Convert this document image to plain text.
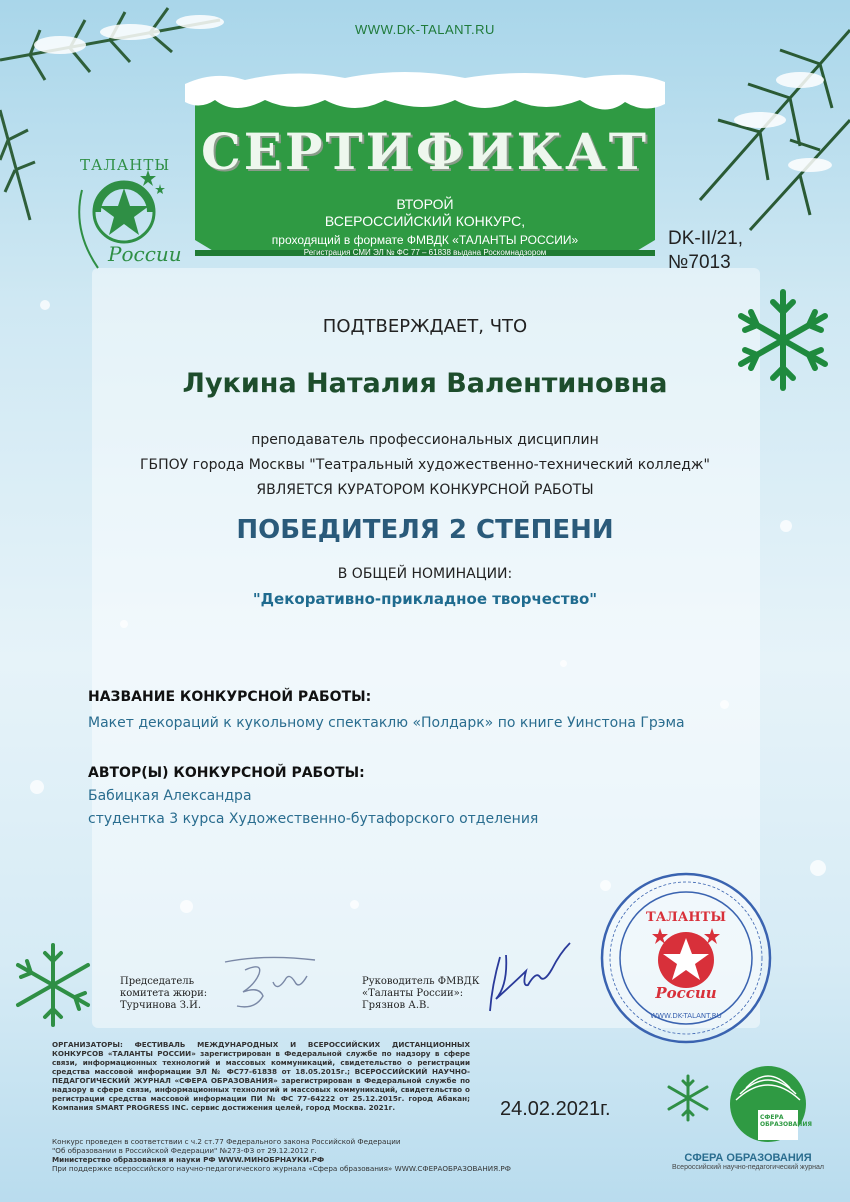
WWW.DK-TALANT.RU
СЕРТИФИКАТ
ВТОРОЙ
ВСЕРОССИЙСКИЙ КОНКУРС,
проходящий в формате ФМВДК «ТАЛАНТЫ РОССИИ»
Регистрация СМИ ЭЛ № ФС 77 – 61838 выдана Роскомнадзором
ТАЛАНТЫ
России
DK-II/21,
№7013
ПОДТВЕРЖДАЕТ, ЧТО
Лукина Наталия Валентиновна
преподаватель профессиональных дисциплин
ГБПОУ города Москвы "Театральный художественно-технический колледж"
ЯВЛЯЕТСЯ КУРАТОРОМ КОНКУРСНОЙ РАБОТЫ
ПОБЕДИТЕЛЯ 2 СТЕПЕНИ
В ОБЩЕЙ НОМИНАЦИИ:
"Декоративно-прикладное творчество"
НАЗВАНИЕ КОНКУРСНОЙ РАБОТЫ:
Макет декораций к кукольному спектаклю «Полдарк» по книге Уинстона Грэма
АВТОР(Ы) КОНКУРСНОЙ РАБОТЫ:
Бабицкая Александра
студентка 3 курса Художественно-бутафорского отделения
Председатель
комитета жюри:
Турчинова З.И.
Руководитель ФМВДК
«Таланты России»:
Грязнов А.В.
ТАЛАНТЫ
России
WWW.DK-TALANT.RU
ОРГАНИЗАТОРЫ: ФЕСТИВАЛЬ МЕЖДУНАРОДНЫХ И ВСЕРОССИЙСКИХ ДИСТАНЦИОННЫХ КОНКУРСОВ «ТАЛАНТЫ РОССИИ» зарегистрирован в Федеральной службе по надзору в сфере связи, информационных технологий и массовых коммуникаций, свидетельство о регистрации средства массовой информации ЭЛ № ФС77-61838 от 18.05.2015г.; ВСЕРОССИЙСКИЙ НАУЧНО-ПЕДАГОГИЧЕСКИЙ ЖУРНАЛ «СФЕРА ОБРАЗОВАНИЯ» зарегистрирован в Федеральной службе по надзору в сфере связи, информационных технологий и массовых коммуникаций, свидетельство о регистрации средства массовой информации ПИ № ФС 77-64222 от 25.12.2015г. город Абакан; Компания SMART PROGRESS INC. сервис достижения целей, город Москва. 2021г.	24.02.2021г.
Конкурс проведен в соответствии с ч.2 ст.77 Федерального закона Российской Федерации
"Об образовании в Российской Федерации" №273-ФЗ от 29.12.2012 г.
Министерство образования и науки РФ WWW.МИНОБРНАУКИ.РФ
При поддержке всероссийского научно-педагогического журнала «Сфера образования» WWW.СФЕРАОБРАЗОВАНИЯ.РФ
СФЕРА ОБРАЗОВАНИЯ
СФЕРА ОБРАЗОВАНИЯ
Всероссийский научно-педагогический журнал
